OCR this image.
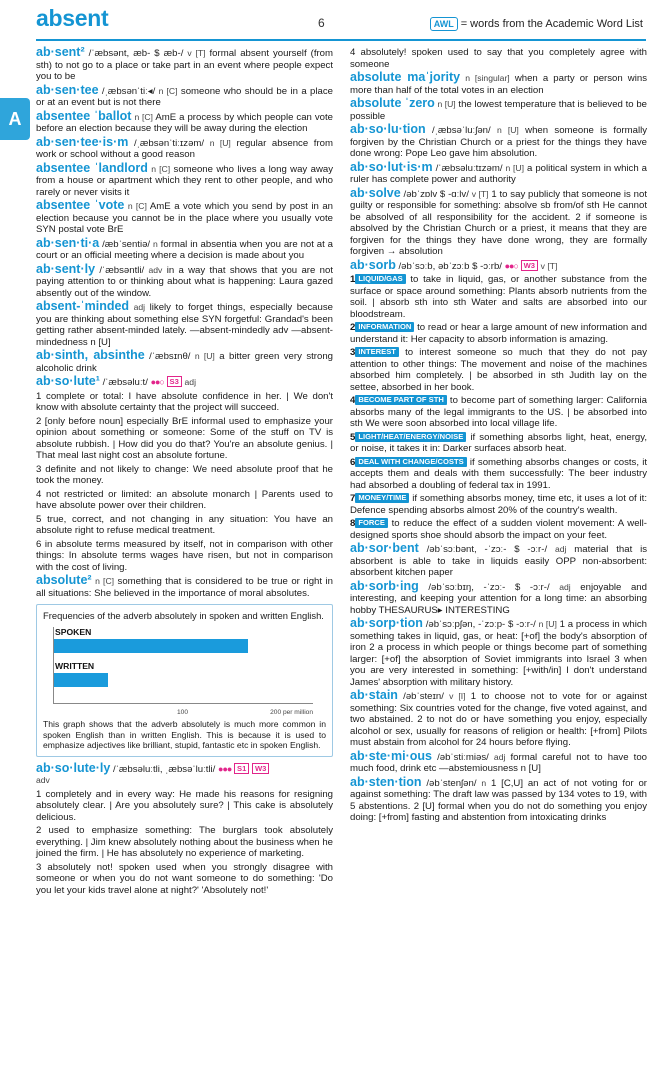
absent	6	AWL = words from the Academic Word List
A

ab·sent² /ˈæbsənt, æb- $ æb-/ v [T] formal absent yourself (from sth) to not go to a place or take part in an event where people expect you to be

ab·sen·tee /ˌæbsənˈtiː◂/ n [C] someone who should be in a place or at an event but is not there

absentee ˈballot n [C] AmE a process by which people can vote before an election because they will be away during the election

ab·sen·tee·is·m /ˌæbsənˈtiːɪzəm/ n [U] regular absence from work or school without a good reason

absentee ˈlandlord n [C] someone who lives a long way away from a house or apartment which they rent to other people, and who rarely or never visits it

absentee ˈvote n [C] AmE a vote which you send by post in an election because you cannot be in the place where you usually vote SYN postal vote BrE

ab·sen·ti·a /æbˈsentiə/ n formal in absentia when you are not at a court or an official meeting where a decision is made about you

ab·sent·ly /ˈæbsəntli/ adv in a way that shows that you are not paying attention to or thinking about what is happening: Laura gazed absently out of the window.

absent-ˈminded adj likely to forget things, especially because you are thinking about something else SYN forgetful: Grandad's been getting rather absent-minded lately. —absent-mindedly adv —absent-mindedness n [U]

ab·sinth, absinthe /ˈæbsɪnθ/ n [U] a bitter green very strong alcoholic drink

ab·so·lute¹ /ˈæbsəluːt/ ●●○ S3 adj

1 complete or total: I have absolute confidence in her. | We don't know with absolute certainty that the project will succeed.

2 [only before noun] especially BrE informal used to emphasize your opinion about something or someone: Some of the stuff on TV is absolute rubbish. | How did you do that? You're an absolute genius. | That meal last night cost an absolute fortune.

3 definite and not likely to change: We need absolute proof that he took the money.

4 not restricted or limited: an absolute monarch | Parents used to have absolute power over their children.

5 true, correct, and not changing in any situation: You have an absolute right to refuse medical treatment.

6 in absolute terms measured by itself, not in comparison with other things: In absolute terms wages have risen, but not in comparison with the cost of living.

absolute² n [C] something that is considered to be true or right in all situations: She believed in the importance of moral absolutes.

Frequencies of the adverb absolutely in spoken and written English.
SPOKEN
WRITTEN
100	200 per million
This graph shows that the adverb absolutely is much more common in spoken English than in written English. This is because it is used to emphasize adjectives like brilliant, stupid, fantastic etc in spoken English.

ab·so·lute·ly /ˈæbsəluːtli, ˌæbsəˈluːtli/ ●●● S1 W3
adv

1 completely and in every way: He made his reasons for resigning absolutely clear. | Are you absolutely sure? | This cake is absolutely delicious.

2 used to emphasize something: The burglars took absolutely everything. | Jim knew absolutely nothing about the business when he joined the firm. | He has absolutely no experience of marketing.

3 absolutely not! spoken used when you strongly disagree with someone or when you do not want someone to do something: 'Do you let your kids travel alone at night?' 'Absolutely not!'

4 absolutely! spoken used to say that you completely agree with someone

absolute maˈjority n [singular] when a party or person wins more than half of the total votes in an election

absolute ˈzero n [U] the lowest temperature that is believed to be possible

ab·so·lu·tion /ˌæbsəˈluːʃən/ n [U] when someone is formally forgiven by the Christian Church or a priest for the things they have done wrong: Pope Leo gave him absolution.

ab·so·lut·is·m /ˈæbsəluːtɪzəm/ n [U] a political system in which a ruler has complete power and authority

ab·solve /əbˈzɒlv $ -ɑːlv/ v [T] 1 to say publicly that someone is not guilty or responsible for something: absolve sb from/of sth He cannot be absolved of all responsibility for the accident. 2 if someone is absolved by the Christian Church or a priest, it means that they are forgiven for the things they have done wrong, they are formally forgiven → absolution

ab·sorb /əbˈsɔːb, əbˈzɔːb $ -ɔːrb/ ●●○ W3 v [T]

1 LIQUID/GAS to take in liquid, gas, or another substance from the surface or space around something: Plants absorb nutrients from the soil. | absorb sth into sth Water and salts are absorbed into our bloodstream.

2 INFORMATION to read or hear a large amount of new information and understand it: Her capacity to absorb information is amazing.

3 INTEREST to interest someone so much that they do not pay attention to other things: The movement and noise of the machines absorbed him completely. | be absorbed in sth Judith lay on the settee, absorbed in her book.

4 BECOME PART OF STH to become part of something larger: California absorbs many of the legal immigrants to the US. | be absorbed into sth We were soon absorbed into local village life.

5 LIGHT/HEAT/ENERGY/NOISE if something absorbs light, heat, energy, or noise, it takes it in: Darker surfaces absorb heat.

6 DEAL WITH CHANGE/COSTS if something absorbs changes or costs, it accepts them and deals with them successfully: The beer industry had absorbed a doubling of federal tax in 1991.

7 MONEY/TIME if something absorbs money, time etc, it uses a lot of it: Defence spending absorbs almost 20% of the country's wealth.

8 FORCE to reduce the effect of a sudden violent movement: A well-designed sports shoe should absorb the impact on your feet.

ab·sor·bent /əbˈsɔːbənt, -ˈzɔː- $ -ɔːr-/ adj material that is absorbent is able to take in liquids easily OPP non-absorbent: absorbent kitchen paper

ab·sorb·ing /əbˈsɔːbɪŋ, -ˈzɔː- $ -ɔːr-/ adj enjoyable and interesting, and keeping your attention for a long time: an absorbing hobby THESAURUS▸ INTERESTING

ab·sorp·tion /əbˈsɔːpʃən, -ˈzɔːp- $ -ɔːr-/ n [U] 1 a process in which something takes in liquid, gas, or heat: [+of] the body's absorption of iron 2 a process in which people or things become part of something larger: [+of] the absorption of Soviet immigrants into Israel 3 when you are very interested in something: [+with/in] I don't understand James' absorption with military history.

ab·stain /əbˈsteɪn/ v [I] 1 to choose not to vote for or against something: Six countries voted for the change, five voted against, and two abstained. 2 to not do or have something you enjoy, especially alcohol or sex, usually for reasons of religion or health: [+from] Pilots must abstain from alcohol for 24 hours before flying.

ab·ste·mi·ous /əbˈstiːmiəs/ adj formal careful not to have too much food, drink etc —abstemiousness n [U]

ab·sten·tion /əbˈstenʃən/ n 1 [C,U] an act of not voting for or against something: The draft law was passed by 134 votes to 19, with 5 abstentions. 2 [U] formal when you do not do something you enjoy doing: [+from] fasting and abstention from intoxicating drinks
